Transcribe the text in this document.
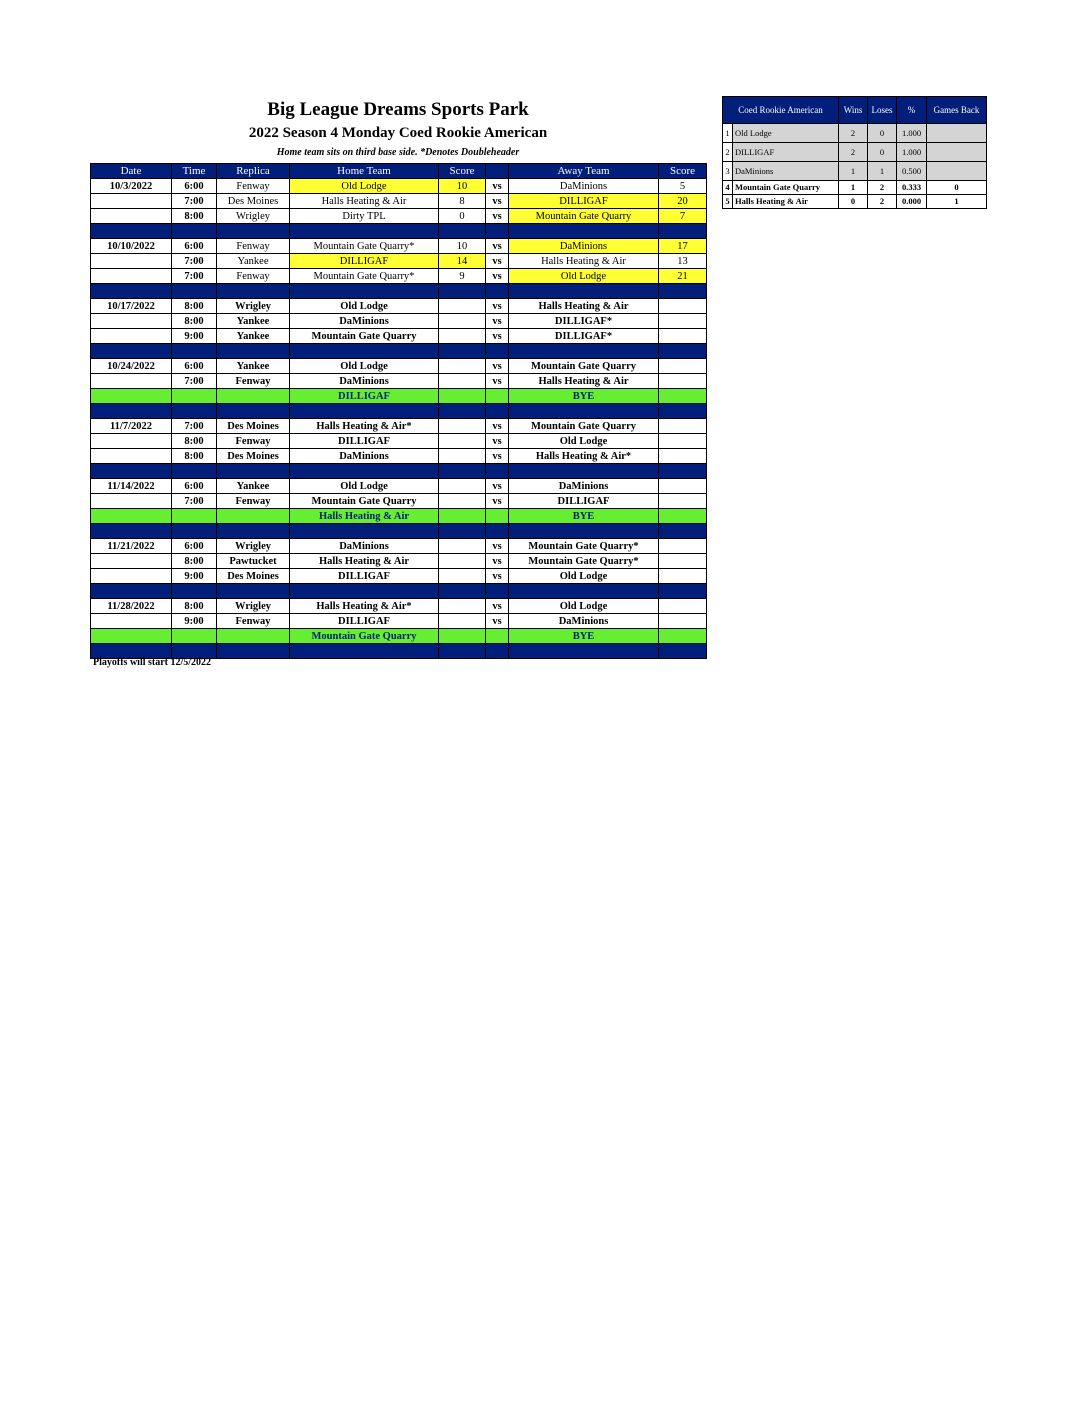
Big League Dreams Sports Park
2022 Season 4 Monday Coed Rookie American
Home team sits on third base side. *Denotes Doubleheader
Date	Time	Replica	Home Team	Score		Away Team	Score
10/3/2022	6:00	Fenway	Old Lodge	10	vs	DaMinions	5
	7:00	Des Moines	Halls Heating & Air	8	vs	DILLIGAF	20
	8:00	Wrigley	Dirty TPL	0	vs	Mountain Gate Quarry	7

10/10/2022	6:00	Fenway	Mountain Gate Quarry*	10	vs	DaMinions	17
	7:00	Yankee	DILLIGAF	14	vs	Halls Heating & Air	13
	7:00	Fenway	Mountain Gate Quarry*	9	vs	Old Lodge	21

10/17/2022	8:00	Wrigley	Old Lodge		vs	Halls Heating & Air	
	8:00	Yankee	DaMinions		vs	DILLIGAF*	
	9:00	Yankee	Mountain Gate Quarry		vs	DILLIGAF*	

10/24/2022	6:00	Yankee	Old Lodge		vs	Mountain Gate Quarry	
	7:00	Fenway	DaMinions		vs	Halls Heating & Air	
			DILLIGAF			BYE	

11/7/2022	7:00	Des Moines	Halls Heating & Air*		vs	Mountain Gate Quarry	
	8:00	Fenway	DILLIGAF		vs	Old Lodge	
	8:00	Des Moines	DaMinions		vs	Halls Heating & Air*	

11/14/2022	6:00	Yankee	Old Lodge		vs	DaMinions	
	7:00	Fenway	Mountain Gate Quarry		vs	DILLIGAF	
			Halls Heating & Air			BYE	

11/21/2022	6:00	Wrigley	DaMinions		vs	Mountain Gate Quarry*	
	8:00	Pawtucket	Halls Heating & Air		vs	Mountain Gate Quarry*	
	9:00	Des Moines	DILLIGAF		vs	Old Lodge	

11/28/2022	8:00	Wrigley	Halls Heating & Air*		vs	Old Lodge	
	9:00	Fenway	DILLIGAF		vs	DaMinions	
			Mountain Gate Quarry			BYE	

Playoffs will start 12/5/2022
Coed Rookie American		Wins	Loses	%	Games Back
1	Old Lodge	2	0	1.000	
2	DILLIGAF	2	0	1.000	
3	DaMinions	1	1	0.500	
4	Mountain Gate Quarry	1	2	0.333	0
5	Halls Heating & Air	0	2	0.000	1
